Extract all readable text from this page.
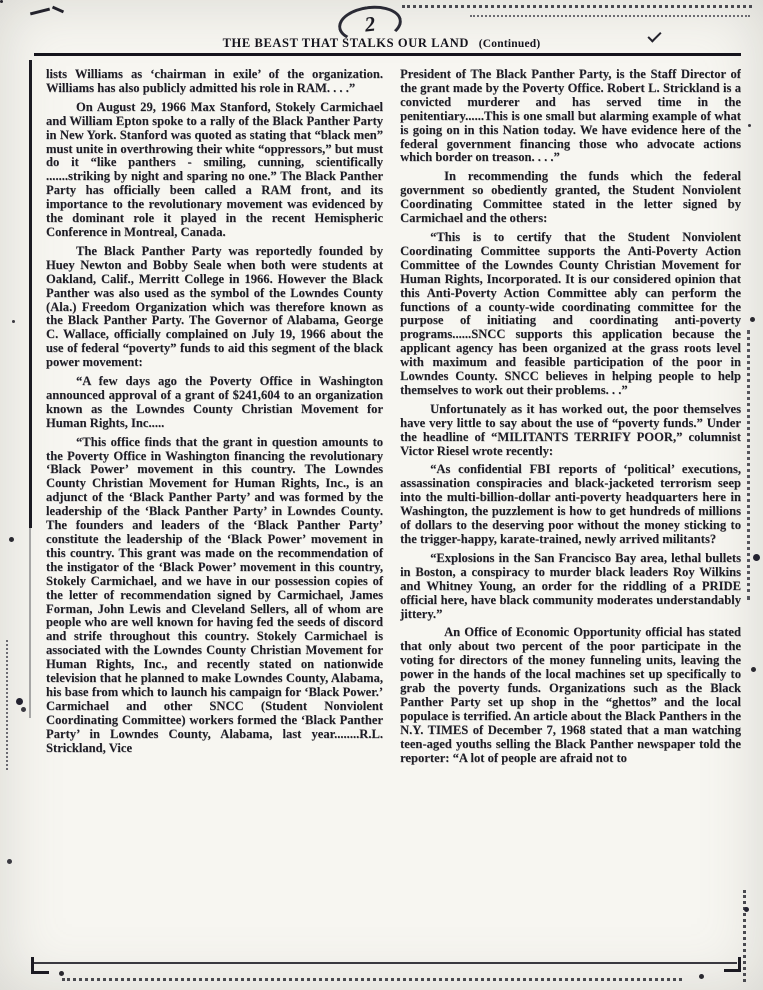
2
THE BEAST THAT STALKS OUR LAND (Continued)

lists Williams as ‘chairman in exile’ of the organization. Williams has also publicly admitted his role in RAM. . . .”

On August 29, 1966 Max Stanford, Stokely Carmichael and William Epton spoke to a rally of the Black Panther Party in New York. Stanford was quoted as stating that “black men” must unite in overthrowing their white “oppressors,” but must do it “like panthers - smiling, cunning, scientifically .......striking by night and sparing no one.” The Black Panther Party has officially been called a RAM front, and its importance to the revolutionary movement was evidenced by the dominant role it played in the recent Hemispheric Conference in Montreal, Canada.

The Black Panther Party was reportedly founded by Huey Newton and Bobby Seale when both were students at Oakland, Calif., Merritt College in 1966. However the Black Panther was also used as the symbol of the Lowndes County (Ala.) Freedom Organization which was therefore known as the Black Panther Party. The Governor of Alabama, George C. Wallace, officially complained on July 19, 1966 about the use of federal “poverty” funds to aid this segment of the black power movement:

“A few days ago the Poverty Office in Washington announced approval of a grant of $241,604 to an organization known as the Lowndes County Christian Movement for Human Rights, Inc.....

“This office finds that the grant in question amounts to the Poverty Office in Washington financing the revolutionary ‘Black Power’ movement in this country. The Lowndes County Christian Movement for Human Rights, Inc., is an adjunct of the ‘Black Panther Party’ and was formed by the leadership of the ‘Black Panther Party’ in Lowndes County. The founders and leaders of the ‘Black Panther Party’ constitute the leadership of the ‘Black Power’ movement in this country. This grant was made on the recommendation of the instigator of the ‘Black Power’ movement in this country, Stokely Carmichael, and we have in our possession copies of the letter of recommendation signed by Carmichael, James Forman, John Lewis and Cleveland Sellers, all of whom are people who are well known for having fed the seeds of discord and strife throughout this country. Stokely Carmichael is associated with the Lowndes County Christian Movement for Human Rights, Inc., and recently stated on nationwide television that he planned to make Lowndes County, Alabama, his base from which to launch his campaign for ‘Black Power.’ Carmichael and other SNCC (Student Nonviolent Coordinating Committee) workers formed the ‘Black Panther Party’ in Lowndes County, Alabama, last year........R.L. Strickland, Vice

President of The Black Panther Party, is the Staff Director of the grant made by the Poverty Office. Robert L. Strickland is a convicted murderer and has served time in the penitentiary......This is one small but alarming example of what is going on in this Nation today. We have evidence here of the federal government financing those who advocate actions which border on treason. . . .”

In recommending the funds which the federal government so obediently granted, the Student Nonviolent Coordinating Committee stated in the letter signed by Carmichael and the others:

“This is to certify that the Student Nonviolent Coordinating Committee supports the Anti-Poverty Action Committee of the Lowndes County Christian Movement for Human Rights, Incorporated. It is our considered opinion that this Anti-Poverty Action Committee ably can perform the functions of a county-wide coordinating committee for the purpose of initiating and coordinating anti-poverty programs......SNCC supports this application because the applicant agency has been organized at the grass roots level with maximum and feasible participation of the poor in Lowndes County. SNCC believes in helping people to help themselves to work out their problems. . .”

Unfortunately as it has worked out, the poor themselves have very little to say about the use of “poverty funds.” Under the headline of “MILITANTS TERRIFY POOR,” columnist Victor Riesel wrote recently:

“As confidential FBI reports of ‘political’ executions, assassination conspiracies and black-jacketed terrorism seep into the multi-billion-dollar anti-poverty headquarters here in Washington, the puzzlement is how to get hundreds of millions of dollars to the deserving poor without the money sticking to the trigger-happy, karate-trained, newly arrived militants?

“Explosions in the San Francisco Bay area, lethal bullets in Boston, a conspiracy to murder black leaders Roy Wilkins and Whitney Young, an order for the riddling of a PRIDE official here, have black community moderates understandably jittery.”

An Office of Economic Opportunity official has stated that only about two percent of the poor participate in the voting for directors of the money funneling units, leaving the power in the hands of the local machines set up specifically to grab the poverty funds. Organizations such as the Black Panther Party set up shop in the “ghettos” and the local populace is terrified. An article about the Black Panthers in the N.Y. TIMES of December 7, 1968 stated that a man watching teen-aged youths selling the Black Panther newspaper told the reporter: “A lot of people are afraid not to
